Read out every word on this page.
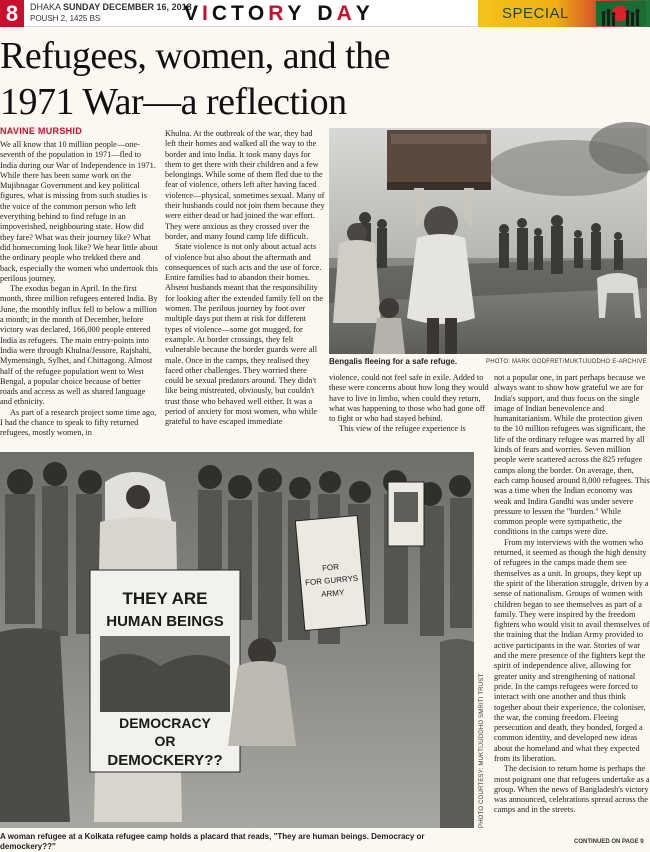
8	DHAKA SUNDAY DECEMBER 16, 2018
POUSH 2, 1425 BS	V I C T O R Y D A Y	SPECIAL
Refugees, women, and the
1971 War—a reflection
NAVINE MURSHID

We all know that 10 million people—one-seventh of the population in 1971—fled to India during our War of Independence in 1971. While there has been some work on the Mujibnagar Government and key political figures, what is missing from such studies is the voice of the common person who left everything behind to find refuge in an impoverished, neighbouring state. How did they fare? What was their journey like? What did homecoming look like? We hear little about the ordinary people who trekked there and back, especially the women who undertook this perilous journey.

The exodus began in April. In the first month, three million refugees entered India. By June, the monthly influx fell to below a million a month; in the month of December, before victory was declared, 166,000 people entered India as refugees. The main entry-points into India were through Khulna/Jessore, Rajshahi, Mymensingh, Sylhet, and Chittagong. Almost half of the refugee population went to West Bengal, a popular choice because of better roads and access as well as shared language and ethnicity.

As part of a research project some time ago, I had the chance to speak to fifty returned refugees, mostly women, in

Khulna. At the outbreak of the war, they had left their homes and walked all the way to the border and into India. It took many days for them to get there with their children and a few belongings. While some of them fled due to the fear of violence, others left after having faced violence—physical, sometimes sexual. Many of their husbands could not join them because they were either dead or had joined the war effort. They were anxious as they crossed over the border, and many found camp life difficult.

State violence is not only about actual acts of violence but also about the aftermath and consequences of such acts and the use of force. Entire families had to abandon their homes. Absent husbands meant that the responsibility for looking after the extended family fell on the women. The perilous journey by foot over multiple days put them at risk for different types of violence—some got mugged, for example. At border crossings, they felt vulnerable because the border guards were all male. Once in the camps, they realised they faced other challenges. They worried there could be sexual predators around. They didn't like being mistreated, obviously, but couldn't trust those who behaved well either. It was a period of anxiety for most women, who while grateful to have escaped immediate

Bengalis fleeing for a safe refuge.	PHOTO: MARK GODFRET/MUKTIJUDDHO E-ARCHIVE

violence, could not feel safe in exile. Added to these were concerns about how long they would have to live in limbo, when could they return, what was happening to those who had gone off to fight or who had stayed behind.

This view of the refugee experience is

not a popular one, in part perhaps because we always want to show how grateful we are for India's support, and thus focus on the single image of Indian benevolence and humanitarianism. While the protection given to the 10 million refugees was significant, the life of the ordinary refugee was marred by all kinds of fears and worries. Seven million people were scattered across the 825 refugee camps along the border. On average, then, each camp housed around 8,000 refugees. This was a time when the Indian economy was weak and Indira Gandhi was under severe pressure to lessen the "burden." While common people were sympathetic, the conditions in the camps were dire.

From my interviews with the women who returned, it seemed as though the high density of refugees in the camps made them see themselves as a unit. In groups, they kept up the spirit of the liberation struggle, driven by a sense of nationalism. Groups of women with children began to see themselves as part of a family. They were inspired by the freedom fighters who would visit to avail themselves of the training that the Indian Army provided to active participants in the war. Stories of war and the mere presence of the fighters kept the spirit of independence alive, allowing for greater unity and strengthening of national pride. In the camps refugees were forced to interact with one another and thus think together about their experience, the coloniser, the war, the coming freedom. Fleeing persecution and death, they bonded, forged a common identity, and developed new ideas about the homeland and what they expected from its liberation.

The decision to return home is perhaps the most poignant one that refugees undertake as a group. When the news of Bangladesh's victory was announced, celebrations spread across the camps and in the streets.

THEY ARE
HUMAN BEINGS
DEMOCRACY
OR
DEMOCKERY??
FOR
FOR GURRYS
ARMY
PHOTO COURTESY: MUKTIJUDDHO SMRITI TRUST
A woman refugee at a Kolkata refugee camp holds a placard that reads, "They are human beings. Democracy or demockery??"	CONTINUED ON PAGE 9
